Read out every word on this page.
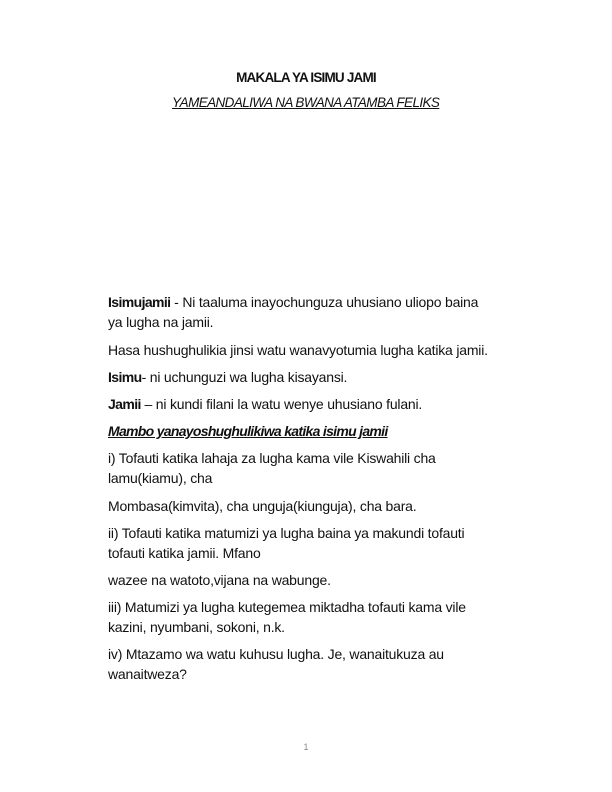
MAKALA YA ISIMU JAMI
YAMEANDALIWA NA BWANA ATAMBA FELIKS
Isimujamii - Ni taaluma inayochunguza uhusiano uliopo baina
ya lugha na jamii.
Hasa hushughulikia jinsi watu wanavyotumia lugha katika jamii.
Isimu- ni uchunguzi wa lugha kisayansi.
Jamii – ni kundi filani la watu wenye uhusiano fulani.
Mambo yanayoshughulikiwa katika isimu jamii
i) Tofauti katika lahaja za lugha kama vile Kiswahili cha
lamu(kiamu), cha
Mombasa(kimvita), cha unguja(kiunguja), cha bara.
ii) Tofauti katika matumizi ya lugha baina ya makundi tofauti
tofauti katika jamii. Mfano
wazee na watoto,vijana na wabunge.
iii) Matumizi ya lugha kutegemea miktadha tofauti kama vile
kazini, nyumbani, sokoni, n.k.
iv) Mtazamo wa watu kuhusu lugha. Je, wanaitukuza au
wanaitweza?
1
